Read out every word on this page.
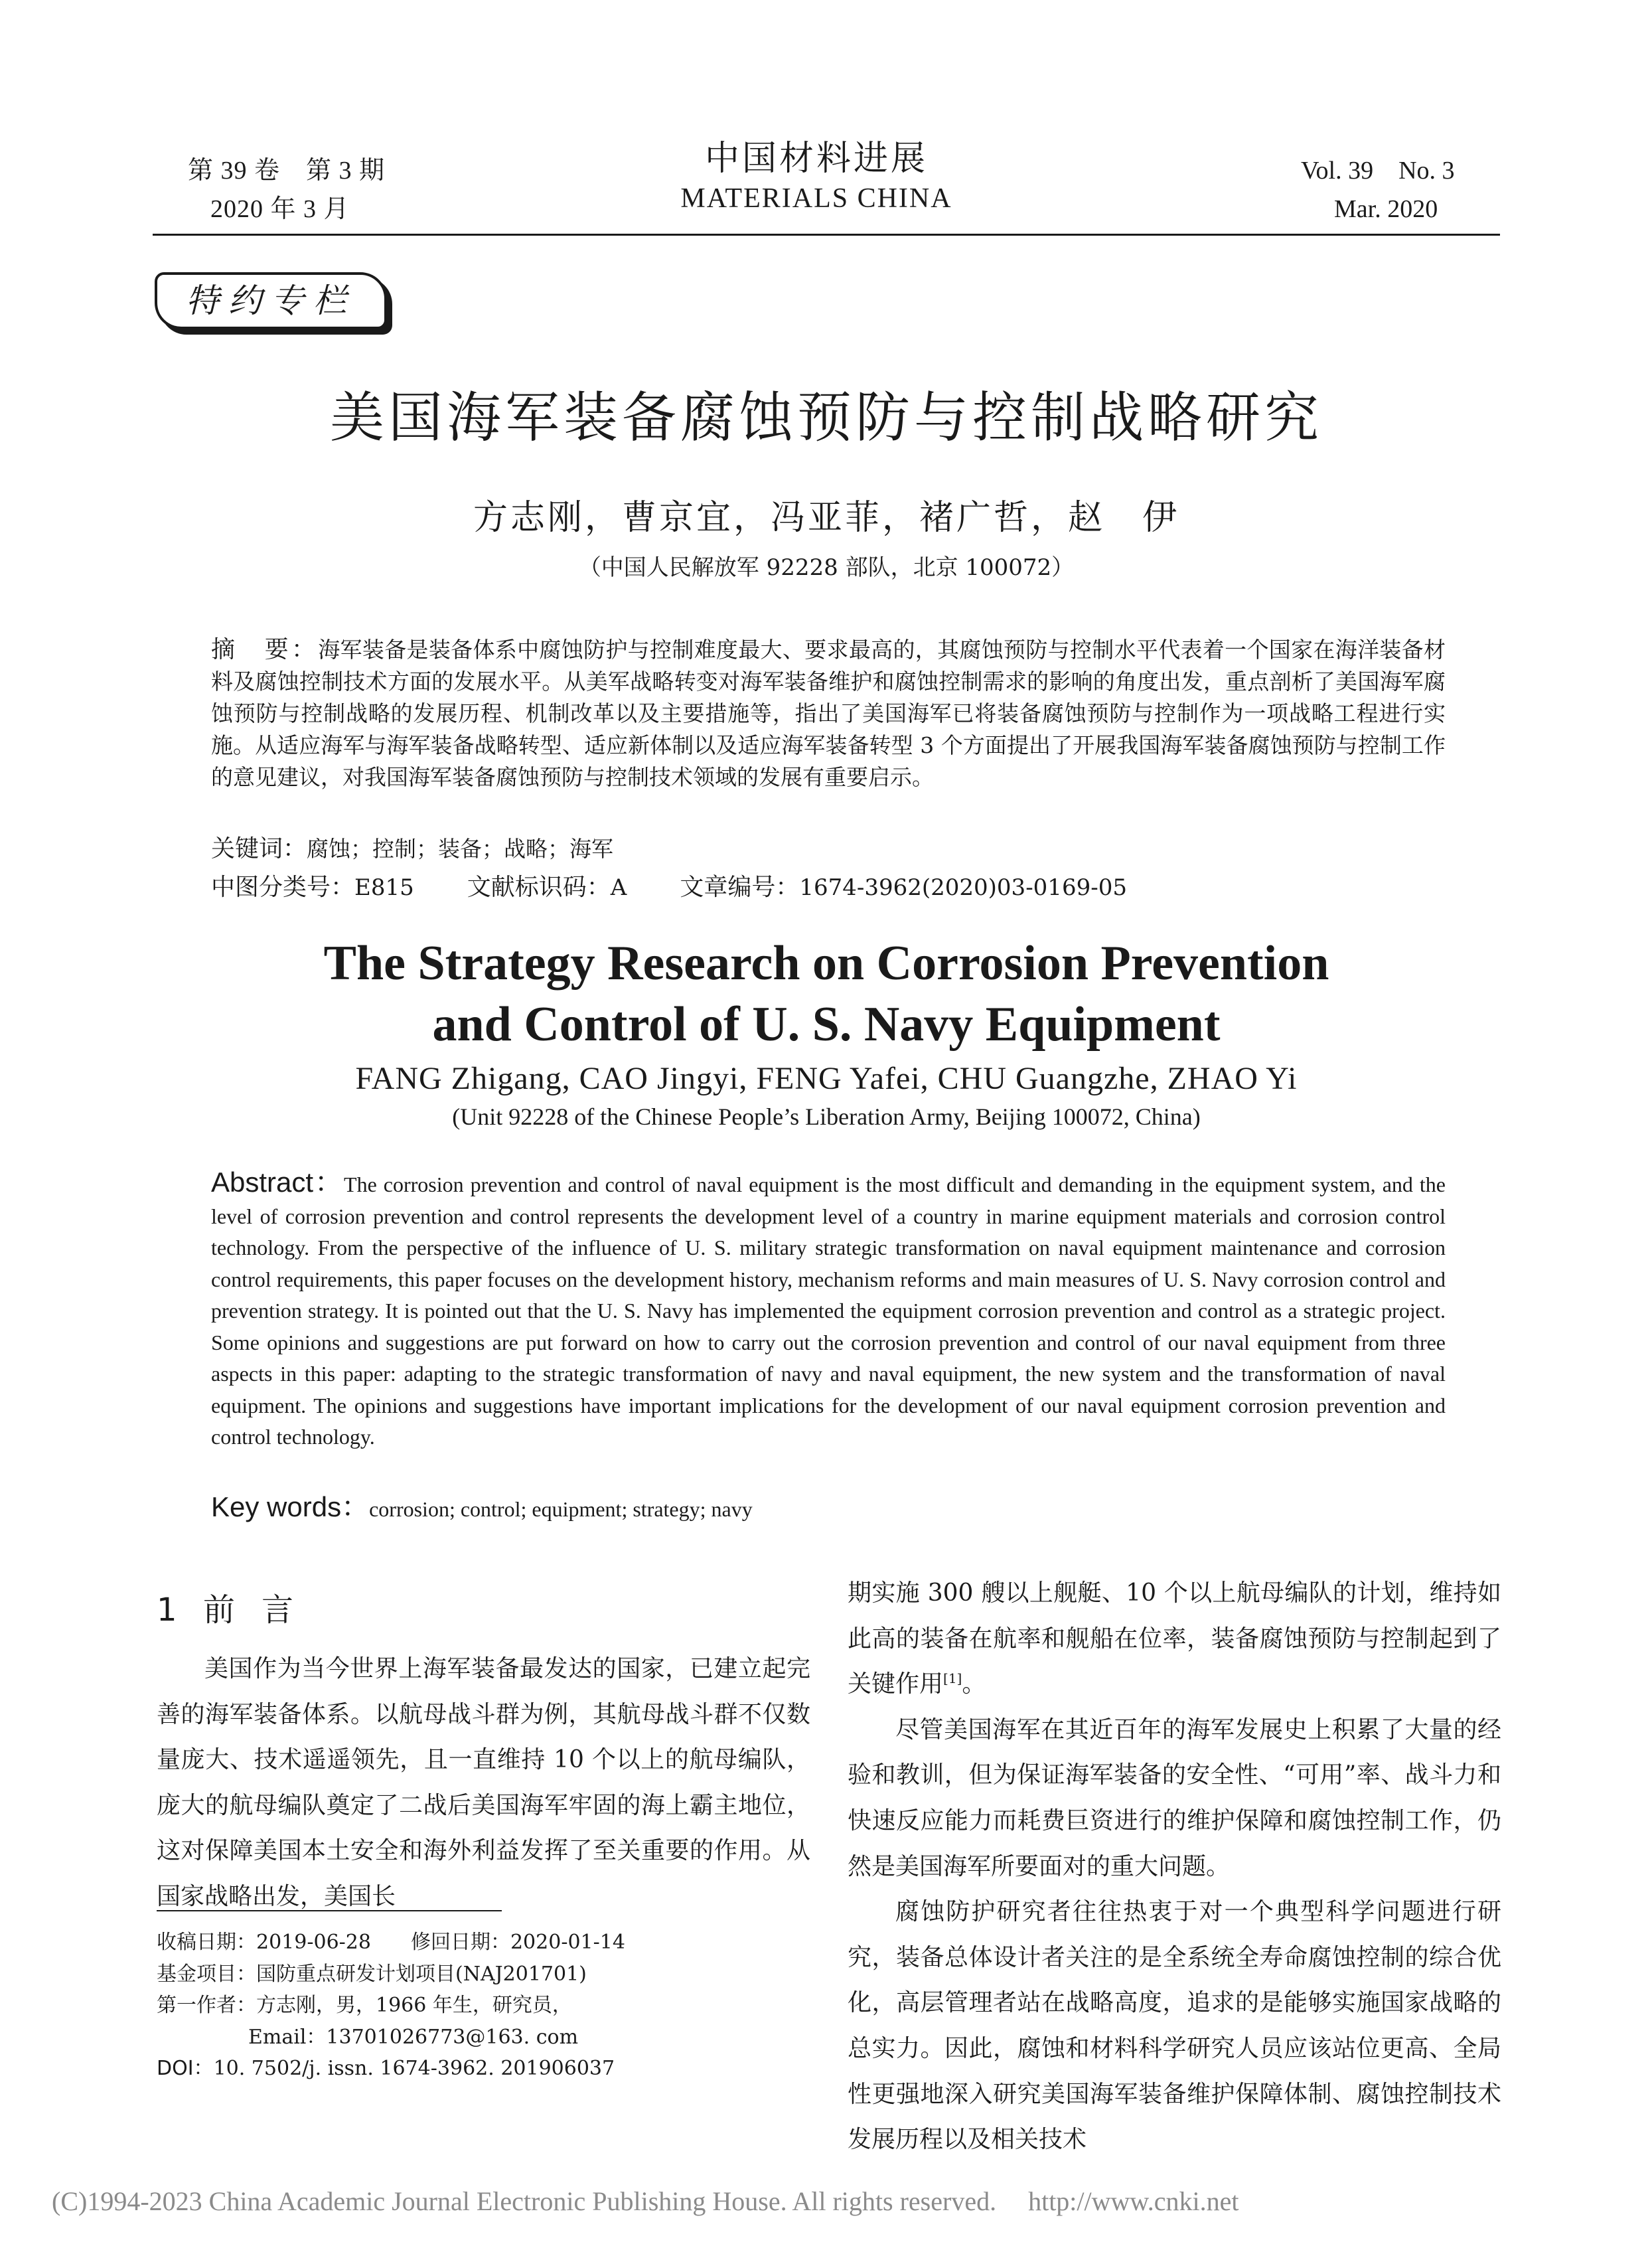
第 39 卷　第 3 期
2020 年 3 月
中国材料进展
MATERIALS CHINA
Vol. 39　No. 3
Mar. 2020
特约专栏
美国海军装备腐蚀预防与控制战略研究
方志刚，曹京宜，冯亚菲，褚广哲，赵　伊
（中国人民解放军 92228 部队，北京 100072）
摘　要：海军装备是装备体系中腐蚀防护与控制难度最大、要求最高的，其腐蚀预防与控制水平代表着一个国家在海洋装备材料及腐蚀控制技术方面的发展水平。从美军战略转变对海军装备维护和腐蚀控制需求的影响的角度出发，重点剖析了美国海军腐蚀预防与控制战略的发展历程、机制改革以及主要措施等，指出了美国海军已将装备腐蚀预防与控制作为一项战略工程进行实施。从适应海军与海军装备战略转型、适应新体制以及适应海军装备转型 3 个方面提出了开展我国海军装备腐蚀预防与控制工作的意见建议，对我国海军装备腐蚀预防与控制技术领域的发展有重要启示。
关键词：腐蚀；控制；装备；战略；海军
中图分类号：E815 文献标识码：A 文章编号：1674-3962(2020)03-0169-05
The Strategy Research on Corrosion Prevention
and Control of U. S. Navy Equipment
FANG Zhigang, CAO Jingyi, FENG Yafei, CHU Guangzhe, ZHAO Yi
(Unit 92228 of the Chinese People’s Liberation Army, Beijing 100072, China)
Abstract：The corrosion prevention and control of naval equipment is the most difficult and demanding in the equipment system, and the level of corrosion prevention and control represents the development level of a country in marine equipment materials and corrosion control technology. From the perspective of the influence of U. S. military strategic transformation on naval equipment maintenance and corrosion control requirements, this paper focuses on the development history, mechanism reforms and main measures of U. S. Navy corrosion control and prevention strategy. It is pointed out that the U. S. Navy has implemented the equipment corrosion prevention and control as a strategic project. Some opinions and suggestions are put forward on how to carry out the corrosion prevention and control of our naval equipment from three aspects in this paper: adapting to the strategic transformation of navy and naval equipment, the new system and the transformation of naval equipment. The opinions and suggestions have important implications for the development of our naval equipment corrosion prevention and control technology.
Key words：corrosion; control; equipment; strategy; navy
1 前言

美国作为当今世界上海军装备最发达的国家，已建立起完善的海军装备体系。以航母战斗群为例，其航母战斗群不仅数量庞大、技术遥遥领先，且一直维持 10 个以上的航母编队，庞大的航母编队奠定了二战后美国海军牢固的海上霸主地位，这对保障美国本土安全和海外利益发挥了至关重要的作用。从国家战略出发，美国长

期实施 300 艘以上舰艇、10 个以上航母编队的计划，维持如此高的装备在航率和舰船在位率，装备腐蚀预防与控制起到了关键作用[1]。

尽管美国海军在其近百年的海军发展史上积累了大量的经验和教训，但为保证海军装备的安全性、“可用”率、战斗力和快速反应能力而耗费巨资进行的维护保障和腐蚀控制工作，仍然是美国海军所要面对的重大问题。

腐蚀防护研究者往往热衷于对一个典型科学问题进行研究，装备总体设计者关注的是全系统全寿命腐蚀控制的综合优化，高层管理者站在战略高度，追求的是能够实施国家战略的总实力。因此，腐蚀和材料科学研究人员应该站位更高、全局性更强地深入研究美国海军装备维护保障体制、腐蚀控制技术发展历程以及相关技术

收稿日期：2019-06-28 修回日期：2020-01-14
基金项目：国防重点研发计划项目(NAJ201701)
第一作者：方志刚，男，1966 年生，研究员，
Email：13701026773@163. com
DOI：10. 7502/j. issn. 1674-3962. 201906037
(C)1994-2023 China Academic Journal Electronic Publishing House. All rights reserved. http://www.cnki.net
